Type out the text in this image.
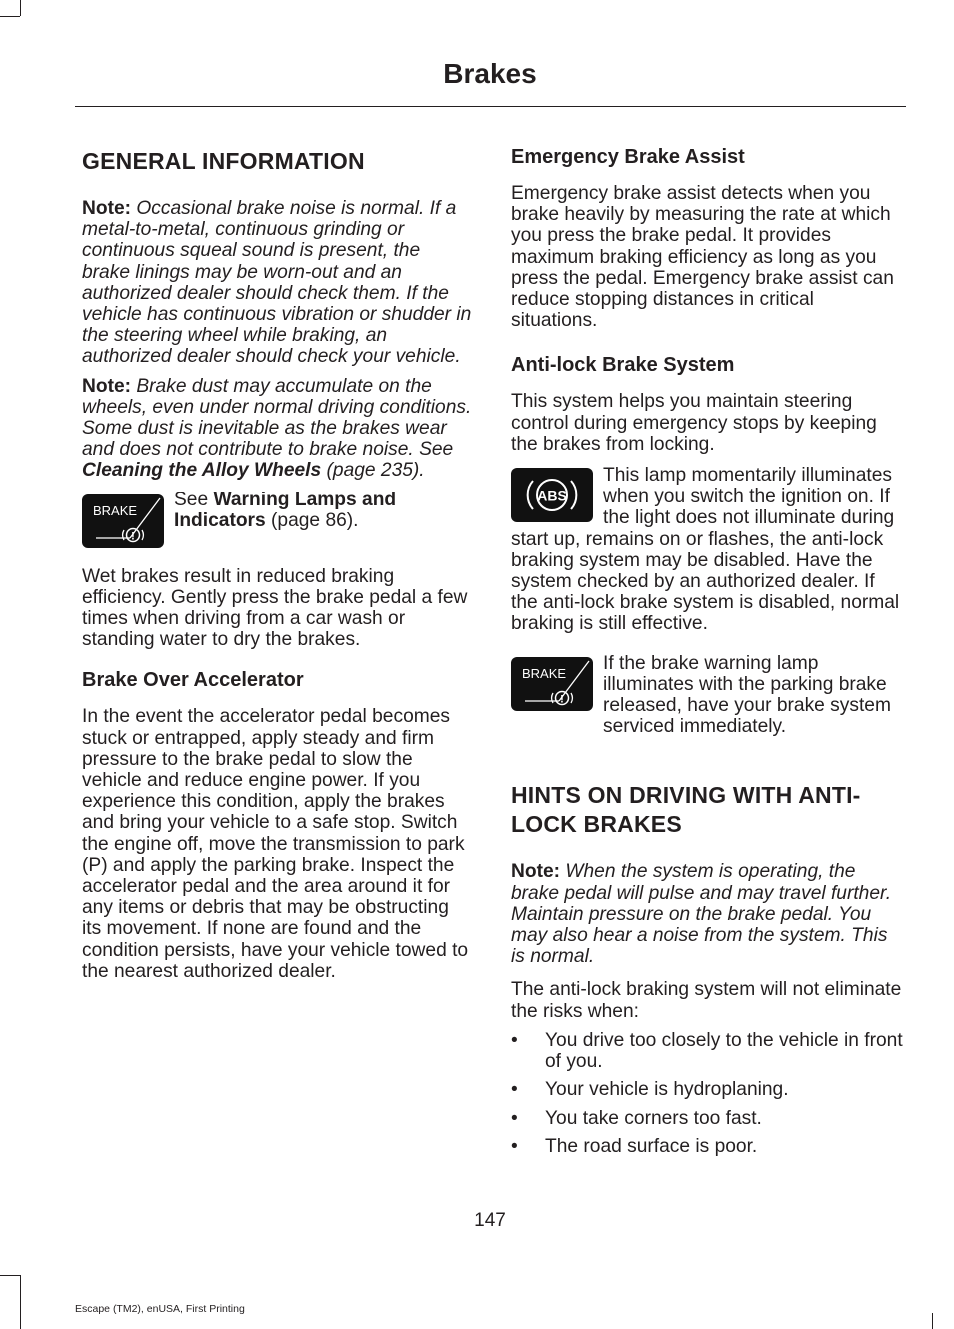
Brakes
GENERAL INFORMATION

Note: Occasional brake noise is normal. If a metal-to-metal, continuous grinding or continuous squeal sound is present, the brake linings may be worn-out and an authorized dealer should check them. If the vehicle has continuous vibration or shudder in the steering wheel while braking, an authorized dealer should check your vehicle.

Note: Brake dust may accumulate on the wheels, even under normal driving conditions. Some dust is inevitable as the brakes wear and does not contribute to brake noise. See Cleaning the Alloy Wheels (page 235).

BRAKE
!

See Warning Lamps and Indicators (page 86).

Wet brakes result in reduced braking efficiency. Gently press the brake pedal a few times when driving from a car wash or standing water to dry the brakes.

Brake Over Accelerator

In the event the accelerator pedal becomes stuck or entrapped, apply steady and firm pressure to the brake pedal to slow the vehicle and reduce engine power. If you experience this condition, apply the brakes and bring your vehicle to a safe stop. Switch the engine off, move the transmission to park (P) and apply the parking brake. Inspect the accelerator pedal and the area around it for any items or debris that may be obstructing its movement. If none are found and the condition persists, have your vehicle towed to the nearest authorized dealer.

Emergency Brake Assist

Emergency brake assist detects when you brake heavily by measuring the rate at which you press the brake pedal. It provides maximum braking efficiency as long as you press the pedal. Emergency brake assist can reduce stopping distances in critical situations.

Anti-lock Brake System

This system helps you maintain steering control during emergency stops by keeping the brakes from locking.

ABS

This lamp momentarily illuminates when you switch the ignition on. If the light does not illuminate during start up, remains on or flashes, the anti-lock braking system may be disabled. Have the system checked by an authorized dealer. If the anti-lock brake system is disabled, normal braking is still effective.

BRAKE
!

If the brake warning lamp illuminates with the parking brake released, have your brake system serviced immediately.

HINTS ON DRIVING WITH ANTI-LOCK BRAKES

Note: When the system is operating, the brake pedal will pulse and may travel further. Maintain pressure on the brake pedal. You may also hear a noise from the system. This is normal.

The anti-lock braking system will not eliminate the risks when:

• You drive too closely to the vehicle in front of you.
• Your vehicle is hydroplaning.
• You take corners too fast.
• The road surface is poor.
147
Escape (TM2), enUSA, First Printing
